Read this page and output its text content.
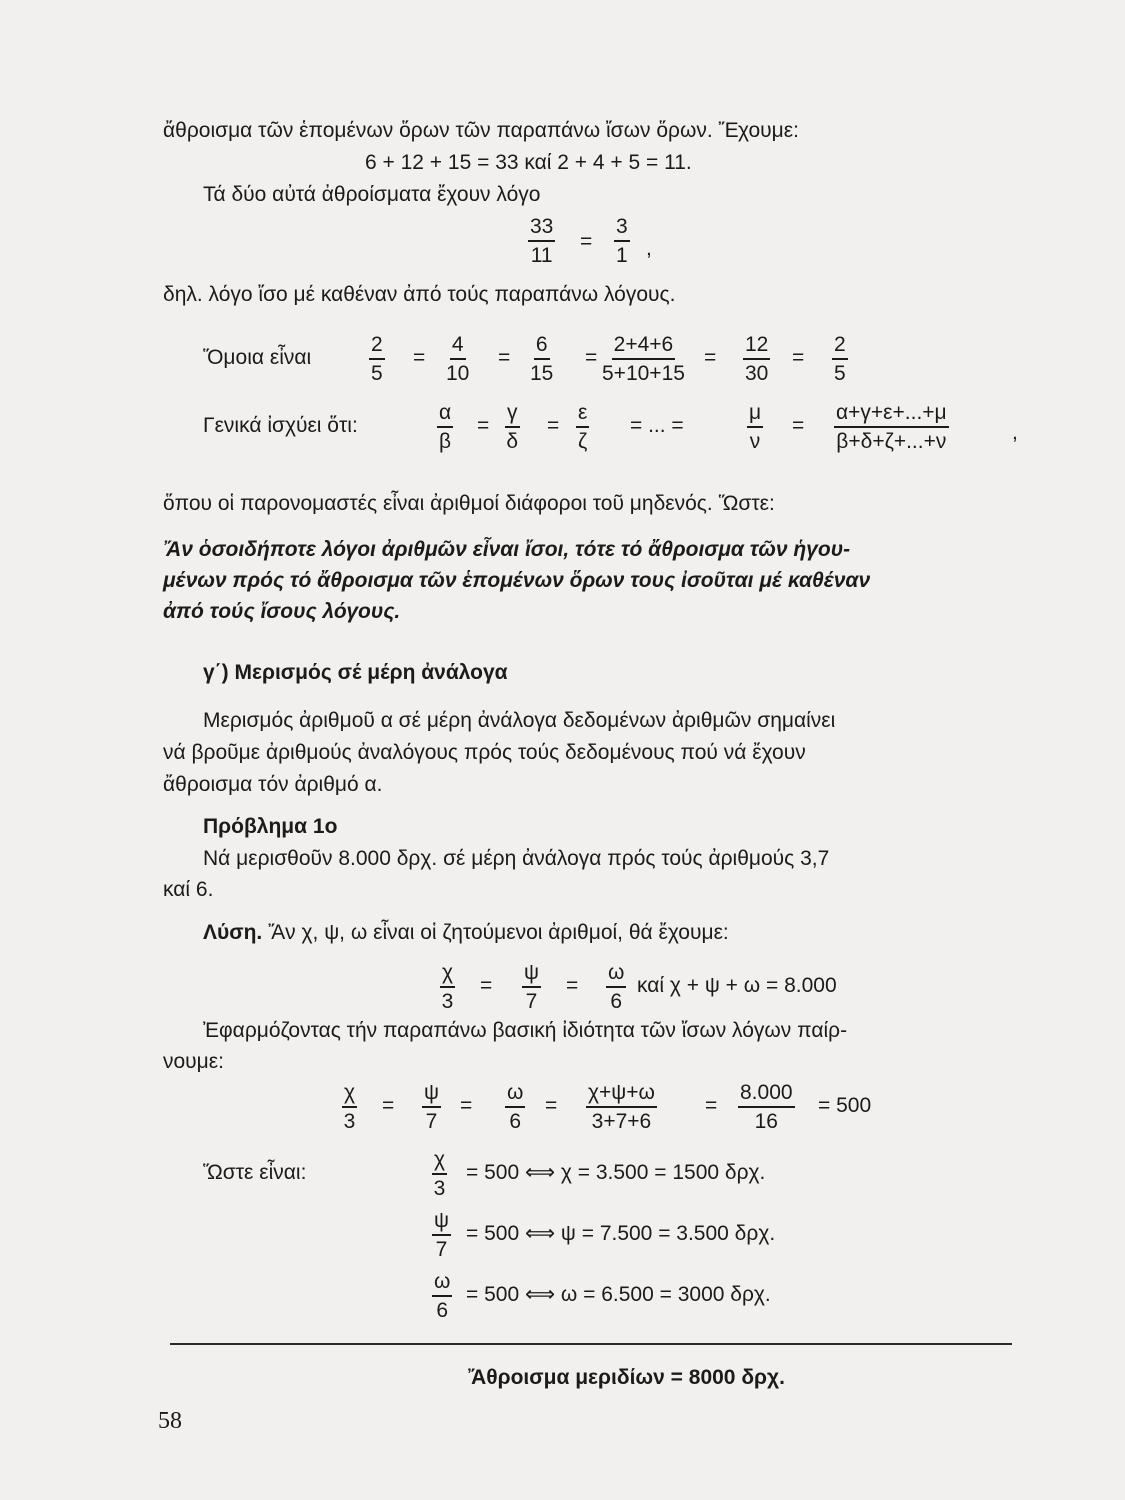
ἄθροισμα τῶν ἑπομένων ὅρων τῶν παραπάνω ἴσων ὅρων. Ἔχουμε:
6 + 12 + 15 = 33 καί 2 + 4 + 5 = 11.
Τά δύο αὐτά ἀθροίσματα ἔχουν λόγο
$\frac{33}{11} = \frac{3}{1}$ ,
δηλ. λόγο ἴσο μέ καθέναν ἀπό τούς παραπάνω λόγους.
Ὅμοια εἶναι	$\frac{2}{5} = \frac{4}{10} = \frac{6}{15} = \frac{2+4+6}{5+10+15} = \frac{12}{30} = \frac{2}{5}$
Γενικά ἰσχύει ὅτι:	$\frac{\alpha}{\beta} = \frac{\gamma}{\delta} = \frac{\varepsilon}{\zeta}$ = ... =	$\frac{\mu}{\nu} = \frac{\alpha+\gamma+\varepsilon+...+\mu}{\beta+\delta+\zeta+...+\nu}$	,
ὅπου οἱ παρονομαστές εἶναι ἀριθμοί διάφοροι τοῦ μηδενός. Ὥστε:
Ἄν ὁσοιδήποτε λόγοι ἀριθμῶν εἶναι ἴσοι, τότε τό ἄθροισμα τῶν ἡγου-
μένων πρός τό ἄθροισμα τῶν ἑπομένων ὅρων τους ἰσοῦται μέ καθέναν
ἀπό τούς ἴσους λόγους.
γ΄) Μερισμός σέ μέρη ἀνάλογα
Μερισμός ἀριθμοῦ α σέ μέρη ἀνάλογα δεδομένων ἀριθμῶν σημαίνει
νά βροῦμε ἀριθμούς ἀναλόγους πρός τούς δεδομένους πού νά ἔχουν
ἄθροισμα τόν ἀριθμό α.
Πρόβλημα 1ο
Νά μερισθοῦν 8.000 δρχ. σέ μέρη ἀνάλογα πρός τούς ἀριθμούς 3,7
καί 6.
Λύση. Ἄν χ, ψ, ω εἶναι οἱ ζητούμενοι ἀριθμοί, θά ἔχουμε:
$\frac{\chi}{3} = \frac{\psi}{7} = \frac{\omega}{6}$ καί χ + ψ + ω = 8.000
Ἐφαρμόζοντας τήν παραπάνω βασική ἰδιότητα τῶν ἴσων λόγων παίρ-
νουμε:
$\frac{\chi}{3} = \frac{\psi}{7} = \frac{\omega}{6} = \frac{\chi+\psi+\omega}{3+7+6} = \frac{8.000}{16} = 500$
Ὥστε εἶναι:	$\frac{\chi}{3} = 500$ ⟺ χ = 3.500 = 1500 δρχ.
$\frac{\psi}{7} = 500$ ⟺ ψ = 7.500 = 3.500 δρχ.
$\frac{\omega}{6} = 500$ ⟺ ω = 6.500 = 3000 δρχ.
Ἄθροισμα μεριδίων = 8000 δρχ.
58
